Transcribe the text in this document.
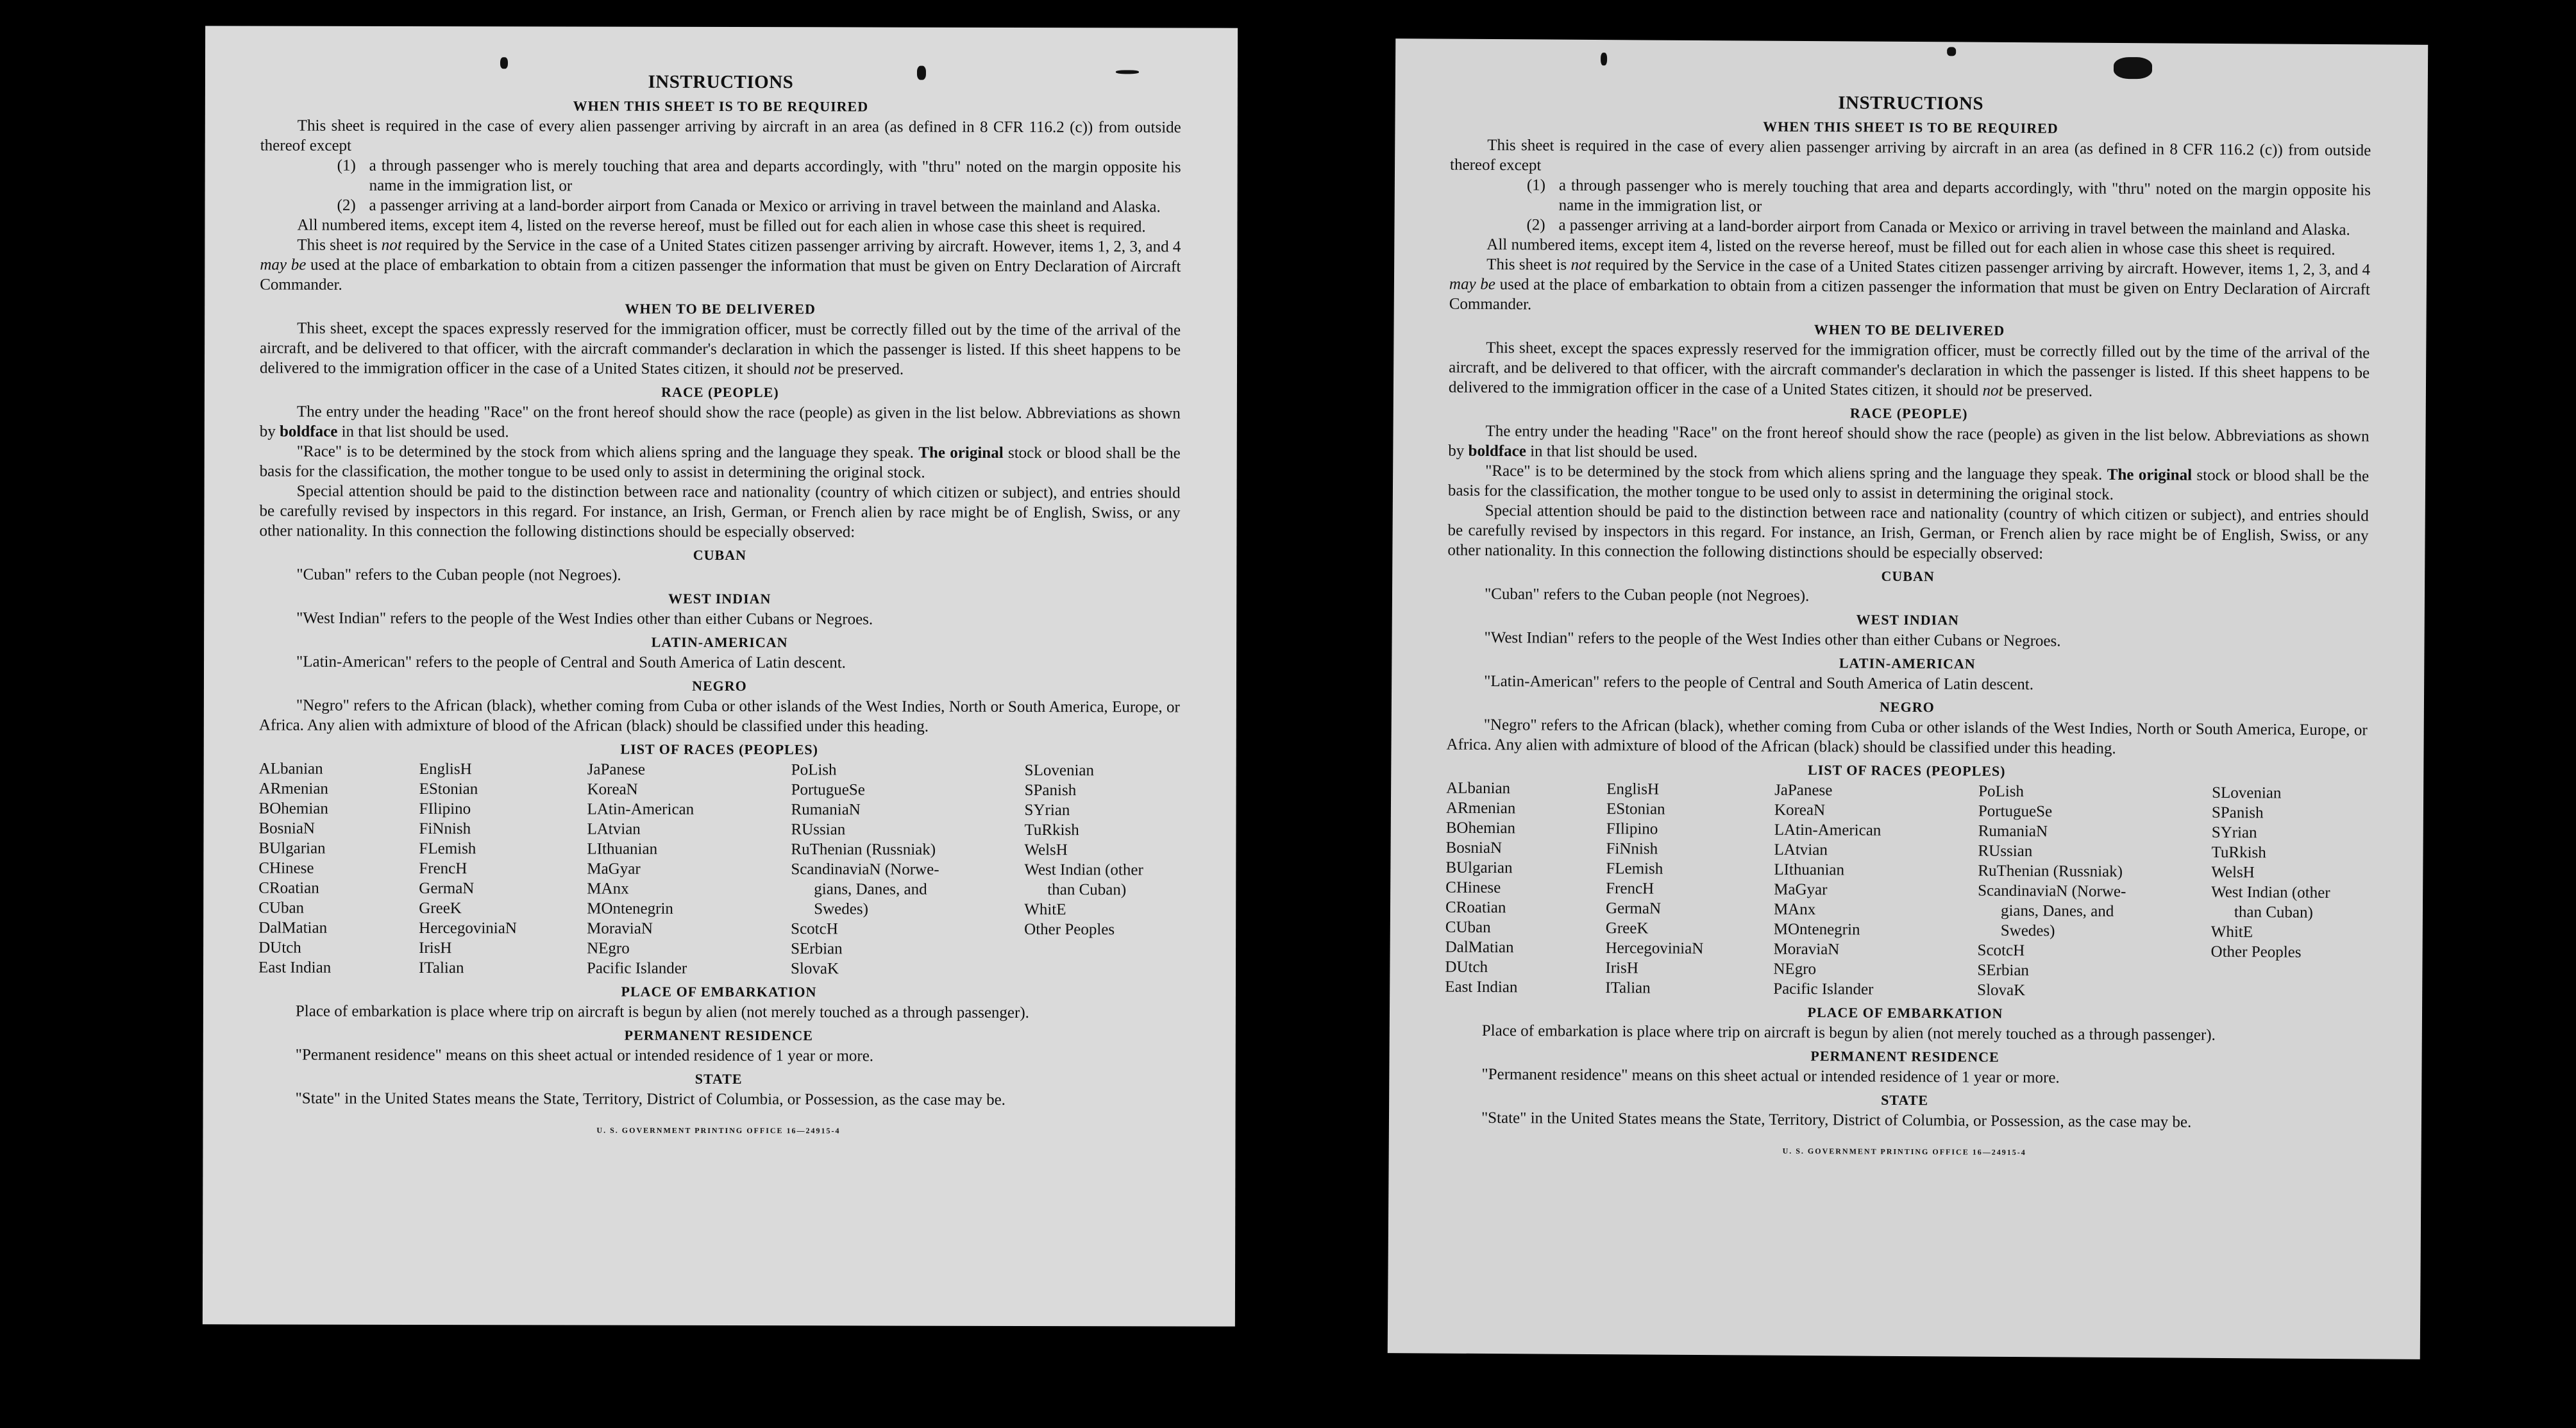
INSTRUCTIONS
WHEN THIS SHEET IS TO BE REQUIRED

This sheet is required in the case of every alien passenger arriving by aircraft in an area (as defined in 8 CFR 116.2 (c)) from outside thereof except

(1) a through passenger who is merely touching that area and departs accordingly, with "thru" noted on the margin opposite his name in the immigration list, or
(2) a passenger arriving at a land-border airport from Canada or Mexico or arriving in travel between the mainland and Alaska.

All numbered items, except item 4, listed on the reverse hereof, must be filled out for each alien in whose case this sheet is required.

This sheet is not required by the Service in the case of a United States citizen passenger arriving by aircraft. However, items 1, 2, 3, and 4 may be used at the place of embarkation to obtain from a citizen passenger the information that must be given on Entry Declaration of Aircraft Commander.

WHEN TO BE DELIVERED

This sheet, except the spaces expressly reserved for the immigration officer, must be correctly filled out by the time of the arrival of the aircraft, and be delivered to that officer, with the aircraft commander's declaration in which the passenger is listed. If this sheet happens to be delivered to the immigration officer in the case of a United States citizen, it should not be preserved.

RACE (PEOPLE)

The entry under the heading "Race" on the front hereof should show the race (people) as given in the list below. Abbreviations as shown by boldface in that list should be used.

"Race" is to be determined by the stock from which aliens spring and the language they speak. The original stock or blood shall be the basis for the classification, the mother tongue to be used only to assist in determining the original stock.

Special attention should be paid to the distinction between race and nationality (country of which citizen or subject), and entries should be carefully revised by inspectors in this regard. For instance, an Irish, German, or French alien by race might be of English, Swiss, or any other nationality. In this connection the following distinctions should be especially observed:

CUBAN

"Cuban" refers to the Cuban people (not Negroes).

WEST INDIAN

"West Indian" refers to the people of the West Indies other than either Cubans or Negroes.

LATIN-AMERICAN

"Latin-American" refers to the people of Central and South America of Latin descent.

NEGRO

"Negro" refers to the African (black), whether coming from Cuba or other islands of the West Indies, North or South America, Europe, or Africa. Any alien with admixture of blood of the African (black) should be classified under this heading.

LIST OF RACES (PEOPLES)
ALbanian
ARmenian
BOhemian
BosniaN
BUlgarian
CHinese
CRoatian
CUban
DalMatian
DUtch
East Indian
EnglisH
EStonian
FIlipino
FiNnish
FLemish
FrencH
GermaN
GreeK
HercegoviniaN
IrisH
ITalian
JaPanese
KoreaN
LAtin-American
LAtvian
LIthuanian
MaGyar
MAnx
MOntenegrin
MoraviaN
NEgro
Pacific Islander
PoLish
PortugueSe
RumaniaN
RUssian
RuThenian (Russniak)
ScandinaviaN (Norwe-
gians, Danes, and
Swedes)
ScotcH
SErbian
SlovaK
SLovenian
SPanish
SYrian
TuRkish
WelsH
West Indian (other
than Cuban)
WhitE
Other Peoples
PLACE OF EMBARKATION

Place of embarkation is place where trip on aircraft is begun by alien (not merely touched as a through passenger).

PERMANENT RESIDENCE

"Permanent residence" means on this sheet actual or intended residence of 1 year or more.

STATE

"State" in the United States means the State, Territory, District of Columbia, or Possession, as the case may be.

U. S. GOVERNMENT PRINTING OFFICE 16—24915-4
INSTRUCTIONS
WHEN THIS SHEET IS TO BE REQUIRED

This sheet is required in the case of every alien passenger arriving by aircraft in an area (as defined in 8 CFR 116.2 (c)) from outside thereof except

(1) a through passenger who is merely touching that area and departs accordingly, with "thru" noted on the margin opposite his name in the immigration list, or
(2) a passenger arriving at a land-border airport from Canada or Mexico or arriving in travel between the mainland and Alaska.

All numbered items, except item 4, listed on the reverse hereof, must be filled out for each alien in whose case this sheet is required.

This sheet is not required by the Service in the case of a United States citizen passenger arriving by aircraft. However, items 1, 2, 3, and 4 may be used at the place of embarkation to obtain from a citizen passenger the information that must be given on Entry Declaration of Aircraft Commander.

WHEN TO BE DELIVERED

This sheet, except the spaces expressly reserved for the immigration officer, must be correctly filled out by the time of the arrival of the aircraft, and be delivered to that officer, with the aircraft commander's declaration in which the passenger is listed. If this sheet happens to be delivered to the immigration officer in the case of a United States citizen, it should not be preserved.

RACE (PEOPLE)

The entry under the heading "Race" on the front hereof should show the race (people) as given in the list below. Abbreviations as shown by boldface in that list should be used.

"Race" is to be determined by the stock from which aliens spring and the language they speak. The original stock or blood shall be the basis for the classification, the mother tongue to be used only to assist in determining the original stock.

Special attention should be paid to the distinction between race and nationality (country of which citizen or subject), and entries should be carefully revised by inspectors in this regard. For instance, an Irish, German, or French alien by race might be of English, Swiss, or any other nationality. In this connection the following distinctions should be especially observed:

CUBAN

"Cuban" refers to the Cuban people (not Negroes).

WEST INDIAN

"West Indian" refers to the people of the West Indies other than either Cubans or Negroes.

LATIN-AMERICAN

"Latin-American" refers to the people of Central and South America of Latin descent.

NEGRO

"Negro" refers to the African (black), whether coming from Cuba or other islands of the West Indies, North or South America, Europe, or Africa. Any alien with admixture of blood of the African (black) should be classified under this heading.

LIST OF RACES (PEOPLES)
ALbanian
ARmenian
BOhemian
BosniaN
BUlgarian
CHinese
CRoatian
CUban
DalMatian
DUtch
East Indian
EnglisH
EStonian
FIlipino
FiNnish
FLemish
FrencH
GermaN
GreeK
HercegoviniaN
IrisH
ITalian
JaPanese
KoreaN
LAtin-American
LAtvian
LIthuanian
MaGyar
MAnx
MOntenegrin
MoraviaN
NEgro
Pacific Islander
PoLish
PortugueSe
RumaniaN
RUssian
RuThenian (Russniak)
ScandinaviaN (Norwe-
gians, Danes, and
Swedes)
ScotcH
SErbian
SlovaK
SLovenian
SPanish
SYrian
TuRkish
WelsH
West Indian (other
than Cuban)
WhitE
Other Peoples
PLACE OF EMBARKATION

Place of embarkation is place where trip on aircraft is begun by alien (not merely touched as a through passenger).

PERMANENT RESIDENCE

"Permanent residence" means on this sheet actual or intended residence of 1 year or more.

STATE

"State" in the United States means the State, Territory, District of Columbia, or Possession, as the case may be.

U. S. GOVERNMENT PRINTING OFFICE 16—24915-4
